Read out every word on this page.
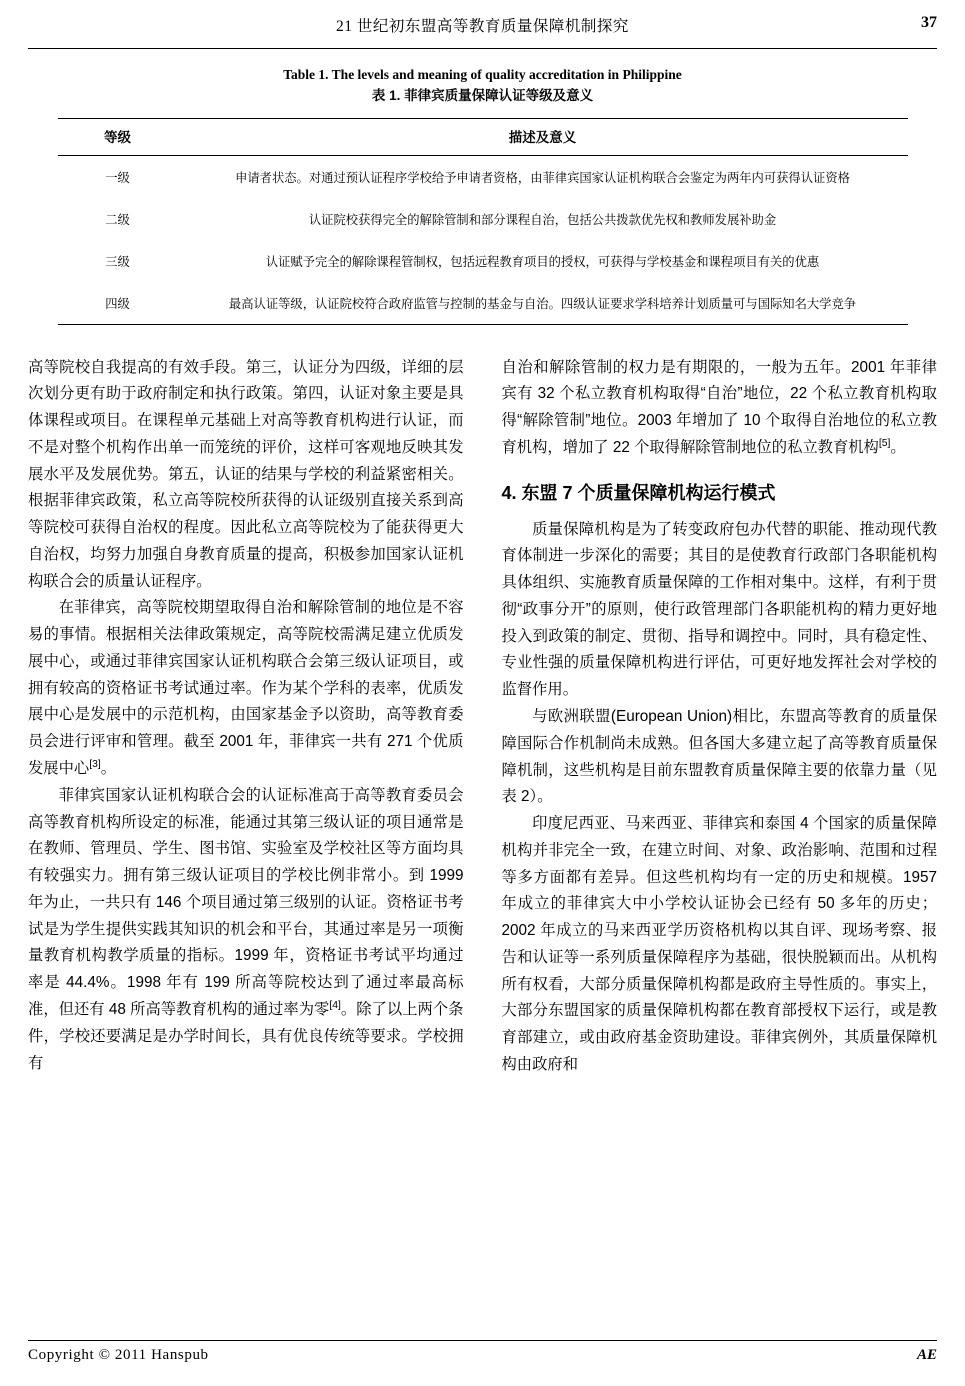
21 世纪初东盟高等教育质量保障机制探究	37
Table 1. The levels and meaning of quality accreditation in Philippine
表 1. 菲律宾质量保障认证等级及意义
等级	描述及意义
一级	申请者状态。对通过预认证程序学校给予申请者资格，由菲律宾国家认证机构联合会鉴定为两年内可获得认证资格
二级	认证院校获得完全的解除管制和部分课程自治，包括公共拨款优先权和教师发展补助金
三级	认证赋予完全的解除课程管制权，包括远程教育项目的授权，可获得与学校基金和课程项目有关的优惠
四级	最高认证等级，认证院校符合政府监管与控制的基金与自治。四级认证要求学科培养计划质量可与国际知名大学竞争

高等院校自我提高的有效手段。第三，认证分为四级，详细的层次划分更有助于政府制定和执行政策。第四，认证对象主要是具体课程或项目。在课程单元基础上对高等教育机构进行认证，而不是对整个机构作出单一而笼统的评价，这样可客观地反映其发展水平及发展优势。第五，认证的结果与学校的利益紧密相关。根据菲律宾政策，私立高等院校所获得的认证级别直接关系到高等院校可获得自治权的程度。因此私立高等院校为了能获得更大自治权，均努力加强自身教育质量的提高，积极参加国家认证机构联合会的质量认证程序。

在菲律宾，高等院校期望取得自治和解除管制的地位是不容易的事情。根据相关法律政策规定，高等院校需满足建立优质发展中心，或通过菲律宾国家认证机构联合会第三级认证项目，或拥有较高的资格证书考试通过率。作为某个学科的表率，优质发展中心是发展中的示范机构，由国家基金予以资助，高等教育委员会进行评审和管理。截至 2001 年，菲律宾一共有 271 个优质发展中心[3]。

菲律宾国家认证机构联合会的认证标准高于高等教育委员会高等教育机构所设定的标准，能通过其第三级认证的项目通常是在教师、管理员、学生、图书馆、实验室及学校社区等方面均具有较强实力。拥有第三级认证项目的学校比例非常小。到 1999 年为止，一共只有 146 个项目通过第三级别的认证。资格证书考试是为学生提供实践其知识的机会和平台，其通过率是另一项衡量教育机构教学质量的指标。1999 年，资格证书考试平均通过率是 44.4%。1998 年有 199 所高等院校达到了通过率最高标准，但还有 48 所高等教育机构的通过率为零[4]。除了以上两个条件，学校还要满足是办学时间长，具有优良传统等要求。学校拥有

自治和解除管制的权力是有期限的，一般为五年。2001 年菲律宾有 32 个私立教育机构取得“自治”地位，22 个私立教育机构取得“解除管制”地位。2003 年增加了 10 个取得自治地位的私立教育机构，增加了 22 个取得解除管制地位的私立教育机构[5]。

4. 东盟 7 个质量保障机构运行模式

质量保障机构是为了转变政府包办代替的职能、推动现代教育体制进一步深化的需要；其目的是使教育行政部门各职能机构具体组织、实施教育质量保障的工作相对集中。这样，有利于贯彻“政事分开”的原则，使行政管理部门各职能机构的精力更好地投入到政策的制定、贯彻、指导和调控中。同时，具有稳定性、专业性强的质量保障机构进行评估，可更好地发挥社会对学校的监督作用。

与欧洲联盟(European Union)相比，东盟高等教育的质量保障国际合作机制尚未成熟。但各国大多建立起了高等教育质量保障机制，这些机构是目前东盟教育质量保障主要的依靠力量（见表 2）。

印度尼西亚、马来西亚、菲律宾和泰国 4 个国家的质量保障机构并非完全一致，在建立时间、对象、政治影响、范围和过程等多方面都有差异。但这些机构均有一定的历史和规模。1957 年成立的菲律宾大中小学校认证协会已经有 50 多年的历史；2002 年成立的马来西亚学历资格机构以其自评、现场考察、报告和认证等一系列质量保障程序为基础，很快脱颖而出。从机构所有权看，大部分质量保障机构都是政府主导性质的。事实上，大部分东盟国家的质量保障机构都在教育部授权下运行，或是教育部建立，或由政府基金资助建设。菲律宾例外，其质量保障机构由政府和

Copyright © 2011 Hanspub	AE
